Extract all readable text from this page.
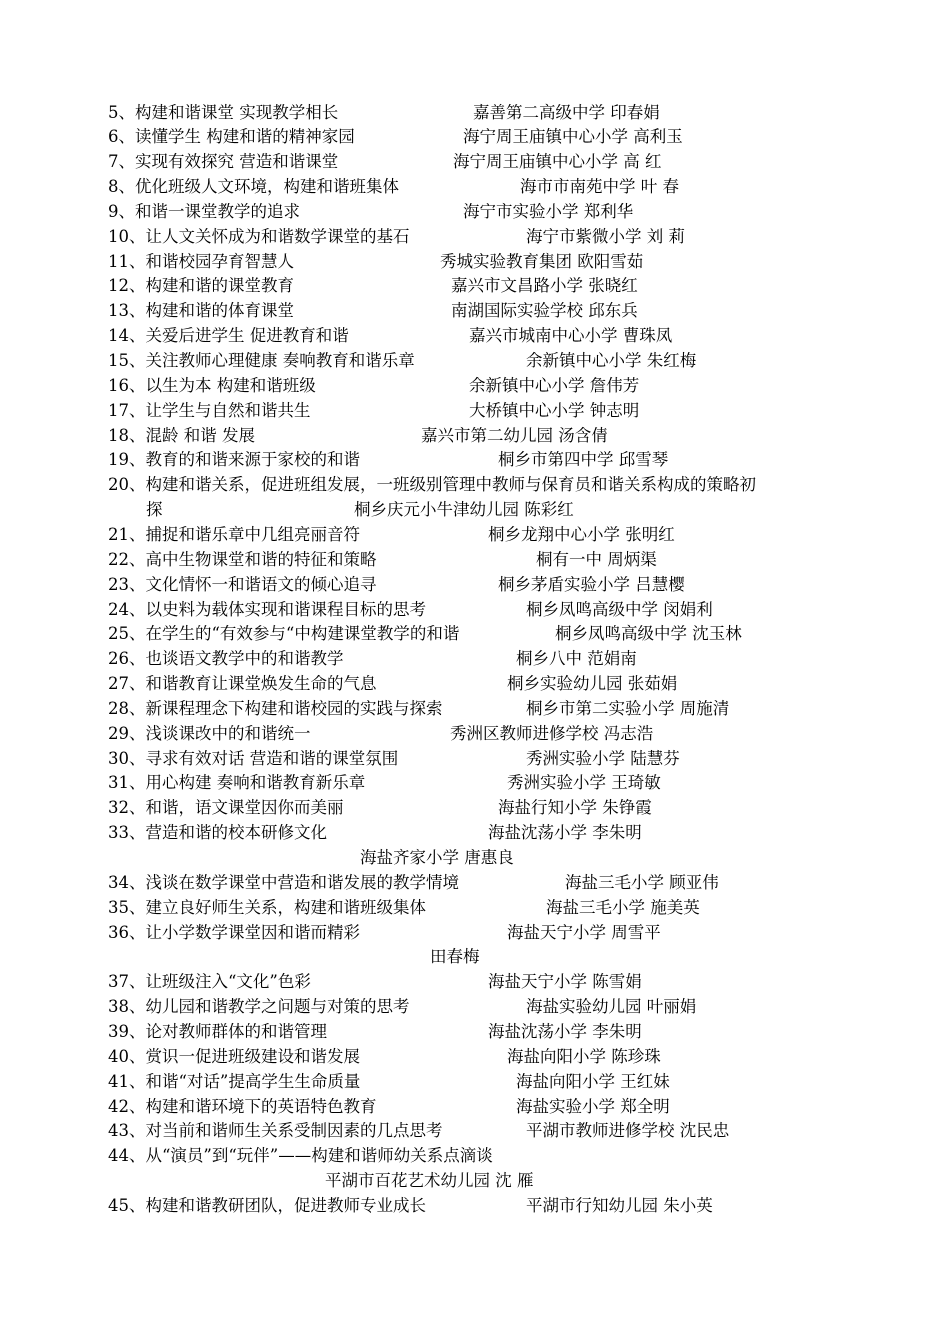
5、构建和谐课堂 实现教学相长	嘉善第二高级中学 印春娟
6、读懂学生 构建和谐的精神家园	海宁周王庙镇中心小学 高利玉
7、实现有效探究 营造和谐课堂	海宁周王庙镇中心小学 高 红
8、优化班级人文环境，构建和谐班集体	海市市南苑中学 叶 春
9、和谐一课堂教学的追求	海宁市实验小学 郑利华
10、让人文关怀成为和谐数学课堂的基石	海宁市紫微小学 刘 莉
11、和谐校园孕育智慧人	秀城实验教育集团 欧阳雪茹
12、构建和谐的课堂教育	嘉兴市文昌路小学 张晓红
13、构建和谐的体育课堂	南湖国际实验学校 邱东兵
14、关爱后进学生 促进教育和谐	嘉兴市城南中心小学 曹珠凤
15、关注教师心理健康 奏响教育和谐乐章	余新镇中心小学 朱红梅
16、以生为本 构建和谐班级	余新镇中心小学 詹伟芳
17、让学生与自然和谐共生	大桥镇中心小学 钟志明
18、混龄 和谐 发展	嘉兴市第二幼儿园 汤含倩
19、教育的和谐来源于家校的和谐	桐乡市第四中学 邱雪琴
20、构建和谐关系，促进班组发展，一班级别管理中教师与保育员和谐关系构成的策略初
探	桐乡庆元小牛津幼儿园 陈彩红
21、捕捉和谐乐章中几组亮丽音符	桐乡龙翔中心小学 张明红
22、高中生物课堂和谐的特征和策略	桐有一中 周炳渠
23、文化情怀一和谐语文的倾心追寻	桐乡茅盾实验小学 吕慧樱
24、以史料为载体实现和谐课程目标的思考	桐乡凤鸣高级中学 闵娟利
25、在学生的“有效参与“中构建课堂教学的和谐	桐乡凤鸣高级中学 沈玉林
26、也谈语文教学中的和谐教学	桐乡八中 范娟南
27、和谐教育让课堂焕发生命的气息	桐乡实验幼儿园 张茹娟
28、新课程理念下构建和谐校园的实践与探索	桐乡市第二实验小学 周施清
29、浅谈课改中的和谐统一	秀洲区教师进修学校 冯志浩
30、寻求有效对话 营造和谐的课堂氛围	秀洲实验小学 陆慧芬
31、用心构建 奏响和谐教育新乐章	秀洲实验小学 王琦敏
32、和谐，语文课堂因你而美丽	海盐行知小学 朱铮霞
33、营造和谐的校本研修文化	海盐沈荡小学 李朱明
海盐齐家小学 唐惠良
34、浅谈在数学课堂中营造和谐发展的教学情境	海盐三毛小学 顾亚伟
35、建立良好师生关系，构建和谐班级集体	海盐三毛小学 施美英
36、让小学数学课堂因和谐而精彩	海盐天宁小学 周雪平
田春梅
37、让班级注入“文化”色彩	海盐天宁小学 陈雪娟
38、幼儿园和谐教学之问题与对策的思考	海盐实验幼儿园 叶丽娟
39、论对教师群体的和谐管理	海盐沈荡小学 李朱明
40、赏识一促进班级建设和谐发展	海盐向阳小学 陈珍珠
41、和谐“对话”提高学生生命质量	海盐向阳小学 王红妹
42、构建和谐环境下的英语特色教育	海盐实验小学 郑全明
43、对当前和谐师生关系受制因素的几点思考	平湖市教师进修学校 沈民忠
44、从“演员”到“玩伴”——构建和谐师幼关系点滴谈
平湖市百花艺术幼儿园 沈 雁
45、构建和谐教研团队，促进教师专业成长	平湖市行知幼儿园 朱小英
